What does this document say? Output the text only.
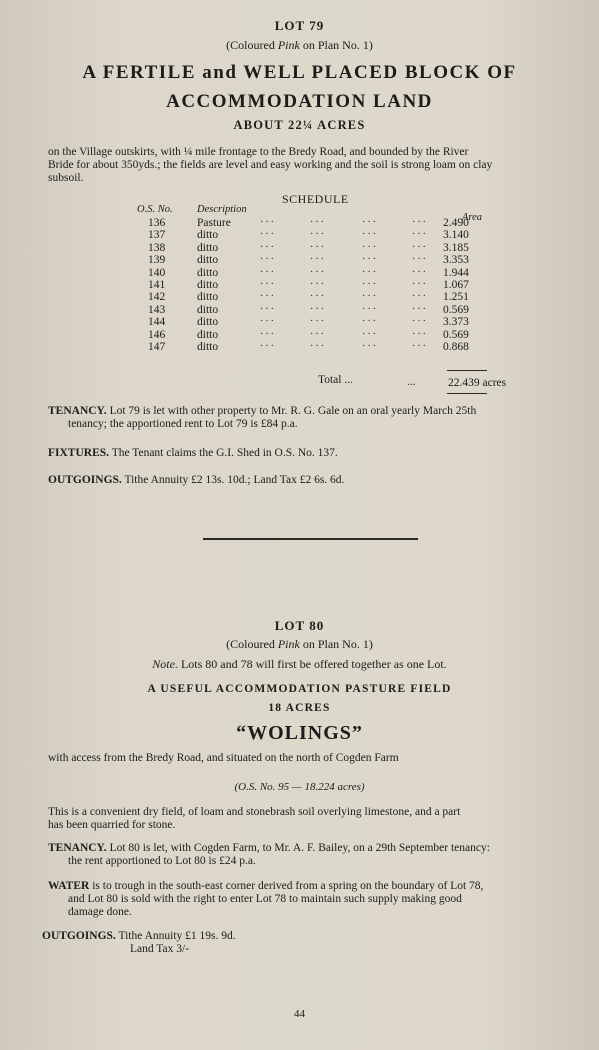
LOT 79
(Coloured Pink on Plan No. 1)
A FERTILE and WELL PLACED BLOCK OF
ACCOMMODATION LAND
ABOUT 22¼ ACRES
on the Village outskirts, with ¼ mile frontage to the Bredy Road, and bounded by the River
Bride for about 350yds.; the fields are level and easy working and the soil is strong loam on clay
subsoil.
SCHEDULE
O.S. No. Description
Area
136	Pasture	···	···	···	··· 2.490
137	ditto	···	···	···	··· 3.140
138	ditto	···	···	···	··· 3.185
139	ditto	···	···	···	··· 3.353
140	ditto	···	···	···	··· 1.944
141	ditto	···	···	···	··· 1.067
142	ditto	···	···	···	··· 1.251
143	ditto	···	···	···	··· 0.569
144	ditto	···	···	···	··· 3.373
146	ditto	···	···	···	··· 0.569
147	ditto	···	···	···	··· 0.868
Total ...	...	22.439 acres
TENANCY. Lot 79 is let with other property to Mr. R. G. Gale on an oral yearly March 25th
tenancy; the apportioned rent to Lot 79 is £84 p.a.
FIXTURES. The Tenant claims the G.I. Shed in O.S. No. 137.
OUTGOINGS. Tithe Annuity £2 13s. 10d.; Land Tax £2 6s. 6d.
LOT 80
(Coloured Pink on Plan No. 1)
Note. Lots 80 and 78 will first be offered together as one Lot.
A USEFUL ACCOMMODATION PASTURE FIELD
18 ACRES
“WOLINGS”
with access from the Bredy Road, and situated on the north of Cogden Farm
(O.S. No. 95 — 18.224 acres)
This is a convenient dry field, of loam and stonebrash soil overlying limestone, and a part
has been quarried for stone.
TENANCY. Lot 80 is let, with Cogden Farm, to Mr. A. F. Bailey, on a 29th September tenancy:
the rent apportioned to Lot 80 is £24 p.a.
WATER is to trough in the south-east corner derived from a spring on the boundary of Lot 78,
and Lot 80 is sold with the right to enter Lot 78 to maintain such supply making good
damage done.
OUTGOINGS. Tithe Annuity £1 19s. 9d.
Land Tax 3/-
44
